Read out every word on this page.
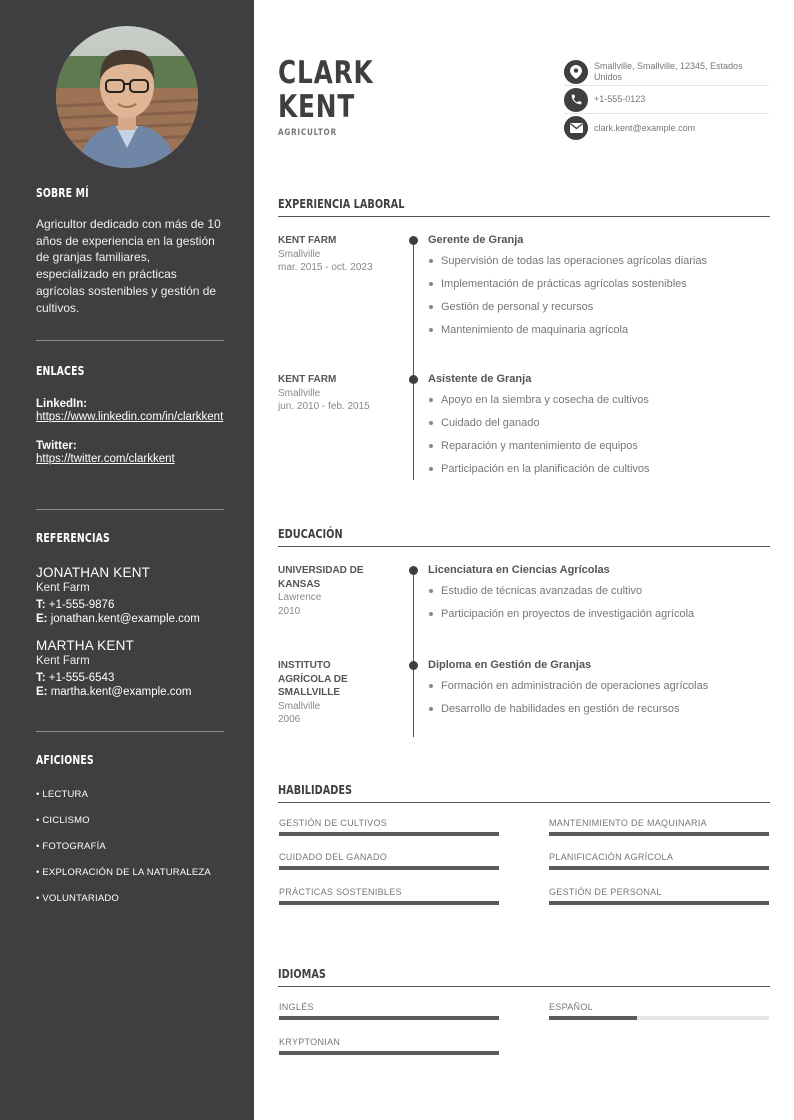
SOBRE MÍ
Agricultor dedicado con más de 10 años de experiencia en la gestión de granjas familiares, especializado en prácticas agrícolas sostenibles y gestión de cultivos.
ENLACES
LinkedIn:
https://www.linkedin.com/in/clarkkent
Twitter:
https://twitter.com/clarkkent
REFERENCIAS
JONATHAN KENT
Kent Farm
T: +1-555-9876
E: jonathan.kent@example.com
MARTHA KENT
Kent Farm
T: +1-555-6543
E: martha.kent@example.com
AFICIONES
• LECTURA
• CICLISMO
• FOTOGRAFÍA
• EXPLORACIÓN DE LA NATURALEZA
• VOLUNTARIADO
CLARK
KENT
AGRICULTOR
Smallville, Smallville, 12345, Estados Unidos
+1-555-0123
clark.kent@example.com
EXPERIENCIA LABORAL
KENT FARM
Smallville
mar. 2015 - oct. 2023
Gerente de Granja
Supervisión de todas las operaciones agrícolas diarias
Implementación de prácticas agrícolas sostenibles
Gestión de personal y recursos
Mantenimiento de maquinaria agrícola
KENT FARM
Smallville
jun. 2010 - feb. 2015
Asistente de Granja
Apoyo en la siembra y cosecha de cultivos
Cuidado del ganado
Reparación y mantenimiento de equipos
Participación en la planificación de cultivos
EDUCACIÓN
UNIVERSIDAD DE
KANSAS
Lawrence
2010
Licenciatura en Ciencias Agrícolas
Estudio de técnicas avanzadas de cultivo
Participación en proyectos de investigación agrícola
INSTITUTO
AGRÍCOLA DE
SMALLVILLE
Smallville
2006
Diploma en Gestión de Granjas
Formación en administración de operaciones agrícolas
Desarrollo de habilidades en gestión de recursos
HABILIDADES
GESTIÓN DE CULTIVOS	MANTENIMIENTO DE MAQUINARIA
CUIDADO DEL GANADO	PLANIFICACIÓN AGRÍCOLA
PRÁCTICAS SOSTENIBLES	GESTIÓN DE PERSONAL
IDIOMAS
INGLÉS	ESPAÑOL
KRYPTONIAN
